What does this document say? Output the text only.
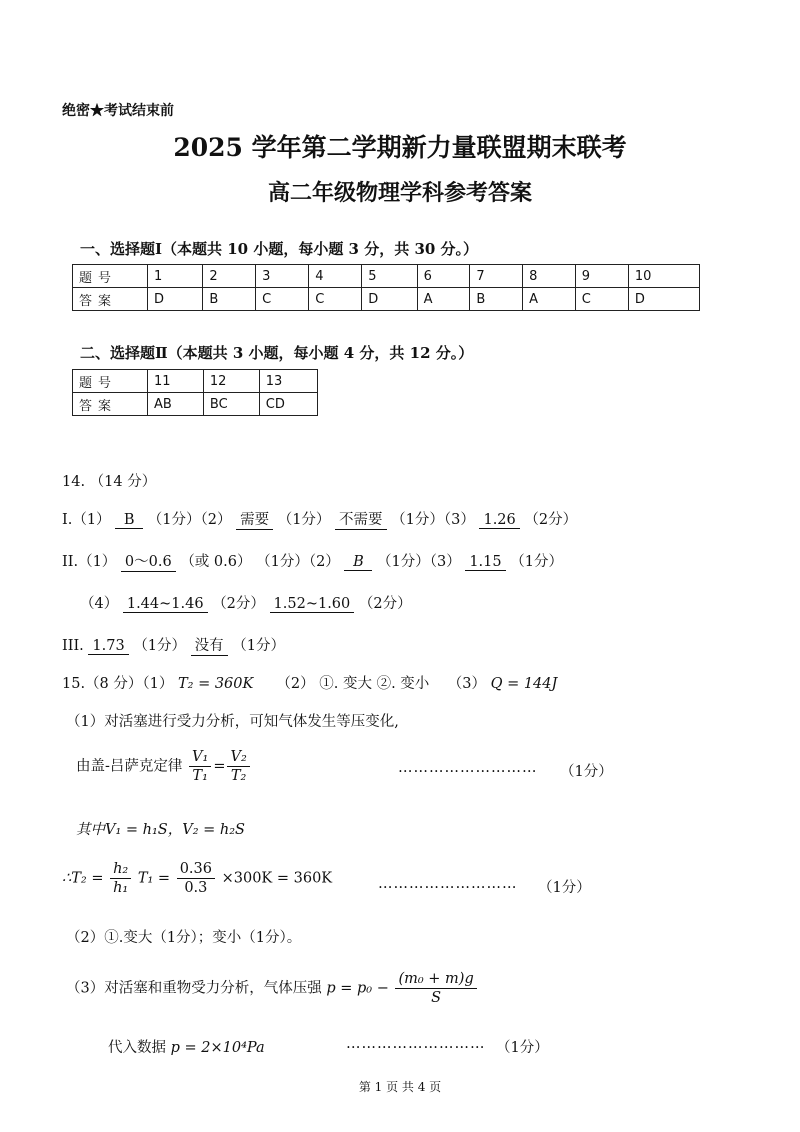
绝密★考试结束前
2025 学年第二学期新力量联盟期末联考
高二年级物理学科参考答案
一、选择题Ⅰ（本题共 10 小题，每小题 3 分，共 30 分。）
题号	1	2	3	4	5	6	7	8	9	10
答案	D	B	C	C	D	A	B	A	C	D
二、选择题Ⅱ（本题共 3 小题，每小题 4 分，共 12 分。）
题号	11	12	13
答案	AB	BC	CD
14. （14 分）
I.（1） B （1分）（2） 需要 （1分） 不需要 （1分）（3） 1.26 （2分）
II.（1） 0～0.6 （或 0.6） （1分）（2） B （1分）（3） 1.15 （1分）
（4） 1.44~1.46 （2分） 1.52~1.60 （2分）
III. 1.73 （1分） 没有 （1分）
15.（8 分）（1） T₂ = 360K （2） ①. 变大 ②. 变小 （3） Q = 144J
（1）对活塞进行受力分析，可知气体发生等压变化,
由盖-吕萨克定律 $\frac{\text{V₁}}{\text{T₁}} = \frac{\text{V₂}}{\text{T₂}}$	……………………… （1分）
其中V₁ = h₁S，V₂ = h₂S
∴T₂ = $\frac{\text{h₂}}{\text{h₁}} T_1 = \frac{0.36}{0.3} \times 300K = 360K$	……………………… （1分）
（2）①.变大（1分）；变小（1分）。
（3）对活塞和重物受力分析，气体压强 $p = p_0 - \frac{\text{(m₀ + m)g}}{S}$
代入数据 p = 2×10⁴Pa	……………………… （1分）
第 1 页 共 4 页
